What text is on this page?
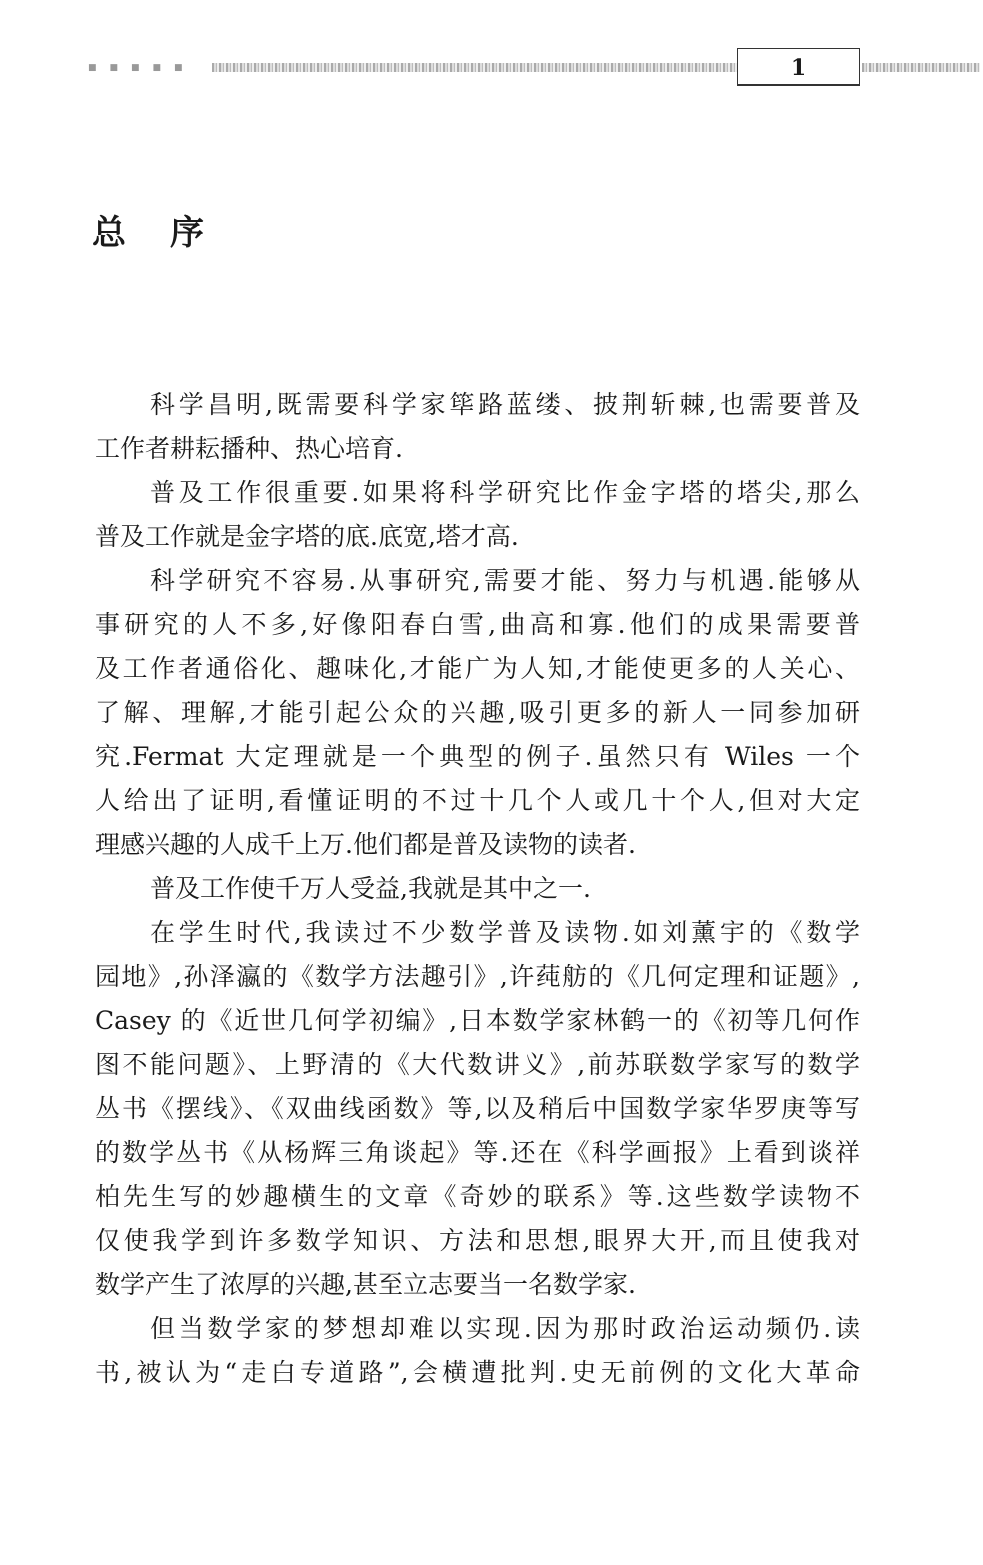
■■■■■	1
总序
科学昌明,既需要科学家筚路蓝缕、披荆斩棘,也需要普及
工作者耕耘播种、热心培育.
普及工作很重要.如果将科学研究比作金字塔的塔尖,那么
普及工作就是金字塔的底.底宽,塔才高.
科学研究不容易.从事研究,需要才能、努力与机遇.能够从
事研究的人不多,好像阳春白雪,曲高和寡.他们的成果需要普
及工作者通俗化、趣味化,才能广为人知,才能使更多的人关心、
了解、理解,才能引起公众的兴趣,吸引更多的新人一同参加研
究.Fermat 大定理就是一个典型的例子.虽然只有 Wiles 一个
人给出了证明,看懂证明的不过十几个人或几十个人,但对大定
理感兴趣的人成千上万.他们都是普及读物的读者.
普及工作使千万人受益,我就是其中之一.
在学生时代,我读过不少数学普及读物.如刘薰宇的《数学
园地》,孙泽瀛的《数学方法趣引》,许莼舫的《几何定理和证题》,
Casey 的《近世几何学初编》,日本数学家林鹤一的《初等几何作
图不能问题》、上野清的《大代数讲义》,前苏联数学家写的数学
丛书《摆线》、《双曲线函数》等,以及稍后中国数学家华罗庚等写
的数学丛书《从杨辉三角谈起》等.还在《科学画报》上看到谈祥
柏先生写的妙趣横生的文章《奇妙的联系》等.这些数学读物不
仅使我学到许多数学知识、方法和思想,眼界大开,而且使我对
数学产生了浓厚的兴趣,甚至立志要当一名数学家.
但当数学家的梦想却难以实现.因为那时政治运动频仍.读
书,被认为“走白专道路”,会横遭批判.史无前例的文化大革命
